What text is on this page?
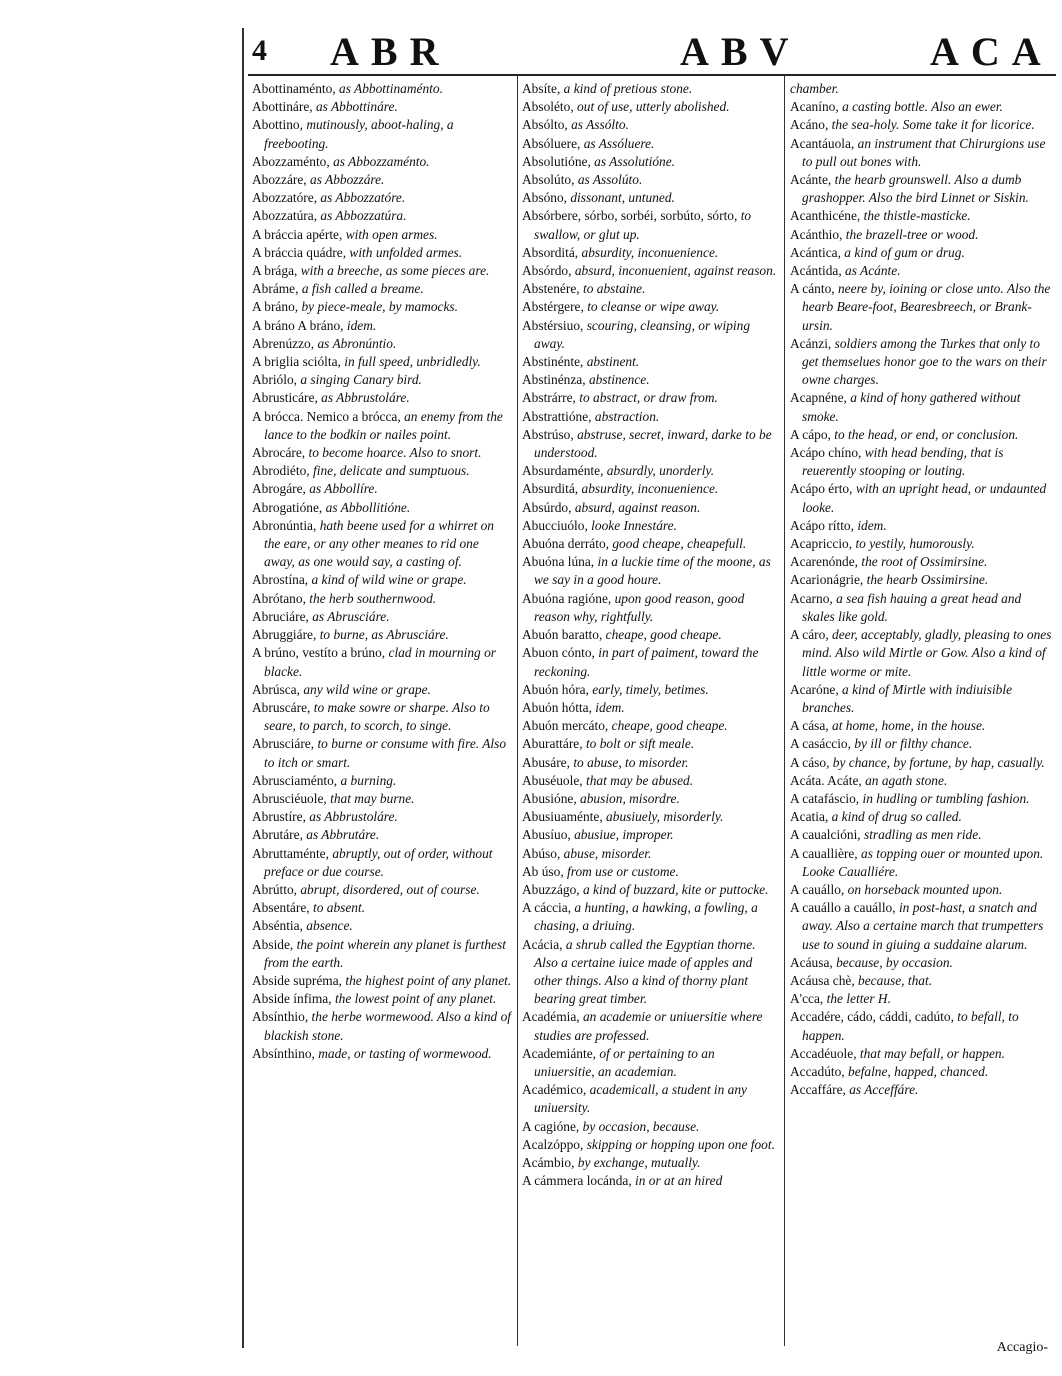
4 ABR	ABV	ACA

Abottinaménto, as Abbottinaménto.

Abottináre, as Abbottináre.

Abottino, mutinously, aboot-haling, a freebooting.

Abozzaménto, as Abbozzaménto.

Abozzáre, as Abbozzáre.

Abozzatóre, as Abbozzatóre.

Abozzatúra, as Abbozzatúra.

A bráccia apérte, with open armes.

A bráccia quádre, with unfolded armes.

A brága, with a breeche, as some pieces are.

Abráme, a fish called a breame.

A bráno, by piece-meale, by mamocks.

A bráno A bráno, idem.

Abrenúzzo, as Abronúntio.

A briglia sciólta, in full speed, unbridledly.

Abriólo, a singing Canary bird.

Abrusticáre, as Abbrustoláre.

A brócca. Nemico a brócca, an enemy from the lance to the bodkin or nailes point.

Abrocáre, to become hoarce. Also to snort.

Abrodiéto, fine, delicate and sumptuous.

Abrogáre, as Abbollíre.

Abrogatióne, as Abbollitióne.

Abronúntia, hath beene used for a whirret on the eare, or any other meanes to rid one away, as one would say, a casting of.

Abrostína, a kind of wild wine or grape.

Abrótano, the herb southernwood.

Abruciáre, as Abrusciáre.

Abruggiáre, to burne, as Abrusciáre.

A brúno, vestíto a brúno, clad in mourning or blacke.

Abrúsca, any wild wine or grape.

Abruscáre, to make sowre or sharpe. Also to seare, to parch, to scorch, to singe.

Abrusciáre, to burne or consume with fire. Also to itch or smart.

Abrusciaménto, a burning.

Abrusciéuole, that may burne.

Abrustíre, as Abbrustoláre.

Abrutáre, as Abbrutáre.

Abruttaménte, abruptly, out of order, without preface or due course.

Abrútto, abrupt, disordered, out of course.

Absentáre, to absent.

Abséntia, absence.

Abside, the point wherein any planet is furthest from the earth.

Abside supréma, the highest point of any planet.

Abside ínfima, the lowest point of any planet.

Absínthio, the herbe wormewood. Also a kind of blackish stone.

Absínthino, made, or tasting of wormewood.

Absíte, a kind of pretious stone.

Absoléto, out of use, utterly abolished.

Absólto, as Assólto.

Absóluere, as Assóluere.

Absolutióne, as Assolutióne.

Absolúto, as Assolúto.

Absóno, dissonant, untuned.

Absórbere, sórbo, sorbéi, sorbúto, sórto, to swallow, or glut up.

Absorditá, absurdity, inconuenience.

Absórdo, absurd, inconuenient, against reason.

Abstenére, to abstaine.

Abstérgere, to cleanse or wipe away.

Abstérsiuo, scouring, cleansing, or wiping away.

Abstinénte, abstinent.

Abstinénza, abstinence.

Abstrárre, to abstract, or draw from.

Abstrattióne, abstraction.

Abstrúso, abstruse, secret, inward, darke to be understood.

Absurdaménte, absurdly, unorderly.

Absurditá, absurdity, inconuenience.

Absúrdo, absurd, against reason.

Abucciuólo, looke Innestáre.

Abuóna derráto, good cheape, cheapefull.

Abuóna lúna, in a luckie time of the moone, as we say in a good houre.

Abuóna ragióne, upon good reason, good reason why, rightfully.

Abuón baratto, cheape, good cheape.

Abuon cónto, in part of paiment, toward the reckoning.

Abuón hóra, early, timely, betimes.

Abuón hótta, idem.

Abuón mercáto, cheape, good cheape.

Aburattáre, to bolt or sift meale.

Abusáre, to abuse, to misorder.

Abuséuole, that may be abused.

Abusióne, abusion, misordre.

Abusiuaménte, abusiuely, misorderly.

Abusíuo, abusiue, improper.

Abúso, abuse, misorder.

Ab úso, from use or custome.

Abuzzágo, a kind of buzzard, kite or puttocke.

A cáccia, a hunting, a hawking, a fowling, a chasing, a driuing.

Acácia, a shrub called the Egyptian thorne. Also a certaine iuice made of apples and other things. Also a kind of thorny plant bearing great timber.

Académia, an academie or uniuersitie where studies are professed.

Academiánte, of or pertaining to an uniuersitie, an academian.

Académico, academicall, a student in any uniuersity.

A cagióne, by occasion, because.

Acalzóppo, skipping or hopping upon one foot.

Acámbio, by exchange, mutually.

A cámmera locánda, in or at an hired

chamber.

Acaníno, a casting bottle. Also an ewer.

Acáno, the sea-holy. Some take it for licorice.

Acantáuola, an instrument that Chirurgions use to pull out bones with.

Acánte, the hearb grounswell. Also a dumb grashopper. Also the bird Linnet or Siskin.

Acanthicéne, the thistle-masticke.

Acánthio, the brazell-tree or wood.

Acántica, a kind of gum or drug.

Acántida, as Acánte.

A cánto, neere by, ioining or close unto. Also the hearb Beare-foot, Bearesbreech, or Brank-ursin.

Acánzi, soldiers among the Turkes that only to get themselues honor goe to the wars on their owne charges.

Acapnéne, a kind of hony gathered without smoke.

A cápo, to the head, or end, or conclusion.

Acápo chíno, with head bending, that is reuerently stooping or louting.

Acápo érto, with an upright head, or undaunted looke.

Acápo rítto, idem.

Acapriccio, to yestily, humorously.

Acarenónde, the root of Ossimirsine.

Acarionágrie, the hearb Ossimirsine.

Acarno, a sea fish hauing a great head and skales like gold.

A cáro, deer, acceptably, gladly, pleasing to ones mind. Also wild Mirtle or Gow. Also a kind of little worme or mite.

Acaróne, a kind of Mirtle with indiuisible branches.

A cása, at home, home, in the house.

A casáccio, by ill or filthy chance.

A cáso, by chance, by fortune, by hap, casually.

Acáta. Acáte, an agath stone.

A catafáscio, in hudling or tumbling fashion.

Acatia, a kind of drug so called.

A caualcióni, stradling as men ride.

A cauallière, as topping ouer or mounted upon. Looke Caualliére.

A cauállo, on horseback mounted upon.

A cauállo a cauállo, in post-hast, a snatch and away. Also a certaine march that trumpetters use to sound in giuing a suddaine alarum.

Acáusa, because, by occasion.

Acáusa chè, because, that.

A'cca, the letter H.

Accadére, cádo, cáddi, cadúto, to befall, to happen.

Accadéuole, that may befall, or happen.

Accadúto, befalne, happed, chanced.

Accaffáre, as Acceffáre.

Accagio-
